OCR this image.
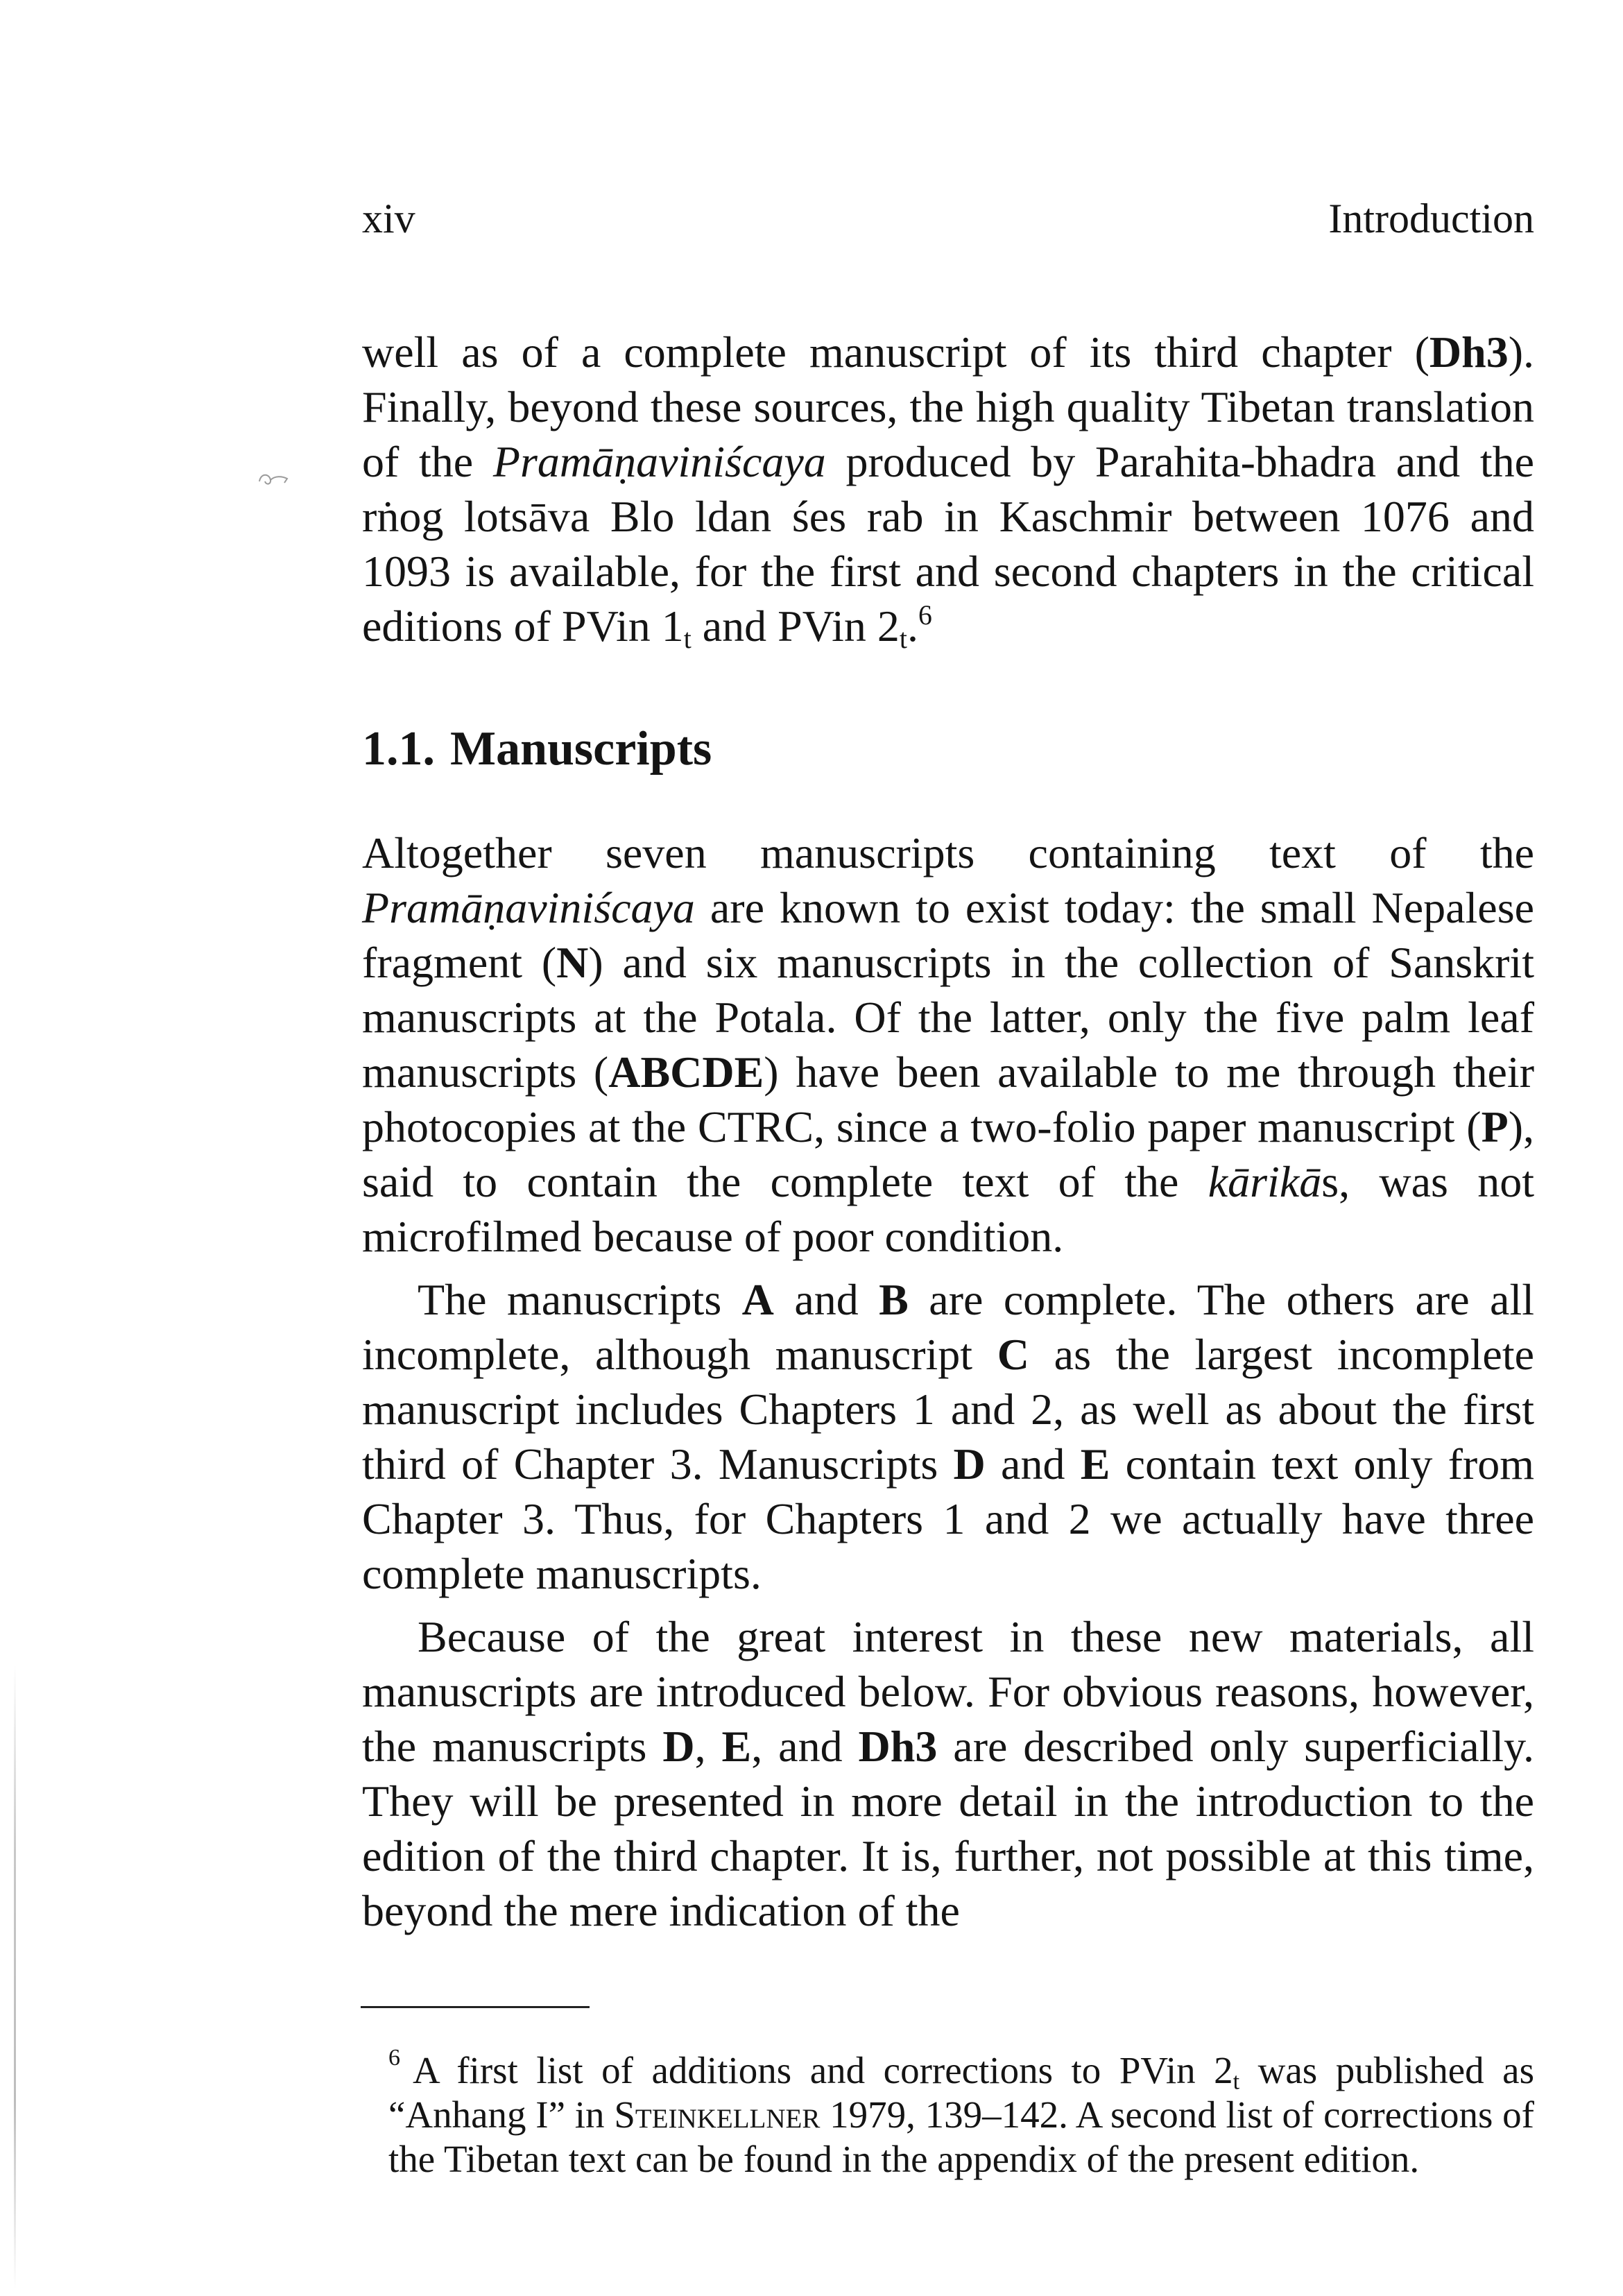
xiv	Introduction

well as of a complete manuscript of its third chapter (Dh3). Finally, beyond these sources, the high quality Tibetan translation of the Pramāṇaviniścaya produced by Parahita-bhadra and the rṅog lotsāva Blo ldan śes rab in Kaschmir between 1076 and 1093 is available, for the first and second chapters in the critical editions of PVin $1_t$ and PVin $2_t.^6$

1.1. Manuscripts

Altogether seven manuscripts containing text of the Pramāṇaviniścaya are known to exist today: the small Nepalese fragment (N) and six manuscripts in the collection of Sanskrit manuscripts at the Potala. Of the latter, only the five palm leaf manuscripts (ABCDE) have been available to me through their photocopies at the CTRC, since a two-folio paper manuscript (P), said to contain the complete text of the kārikās, was not microfilmed because of poor condition.

The manuscripts A and B are complete. The others are all incomplete, although manuscript C as the largest incomplete manuscript includes Chapters 1 and 2, as well as about the first third of Chapter 3. Manuscripts D and E contain text only from Chapter 3. Thus, for Chapters 1 and 2 we actually have three complete manuscripts.

Because of the great interest in these new materials, all manuscripts are introduced below. For obvious reasons, however, the manuscripts D, E, and Dh3 are described only superficially. They will be presented in more detail in the introduction to the edition of the third chapter. It is, further, not possible at this time, beyond the mere indication of the

$^6$ A first list of additions and corrections to PVin $2_t$ was published as “Anhang I” in Steinkellner 1979, 139–142. A second list of corrections of the Tibetan text can be found in the appendix of the present edition.
